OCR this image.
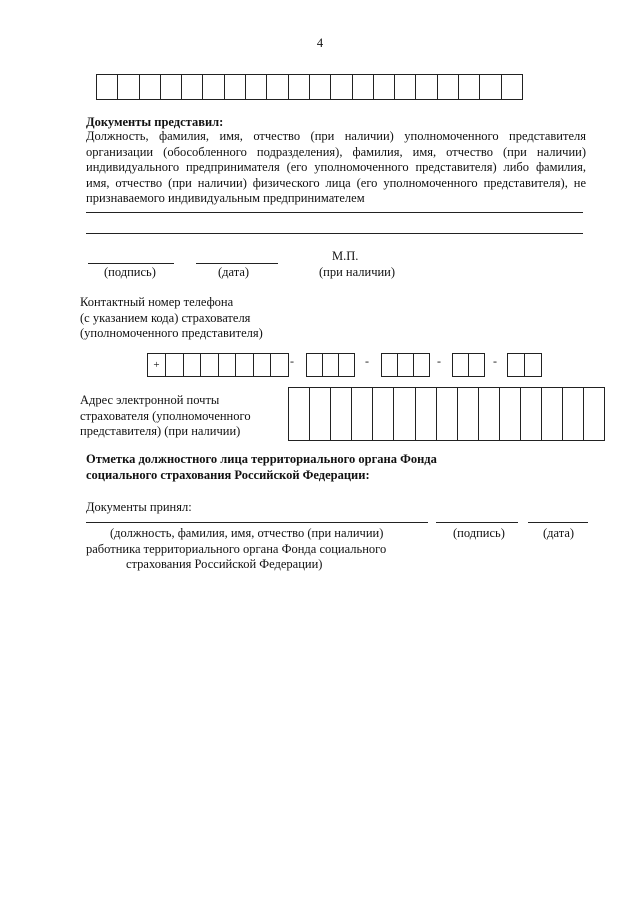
4
Документы представил:
Должность, фамилия, имя, отчество (при наличии) уполномоченного представителя
организации (обособленного подразделения), фамилия, имя, отчество (при наличии)
индивидуального предпринимателя (его уполномоченного представителя) либо фамилия,
имя, отчество (при наличии) физического лица (его уполномоченного представителя), не
признаваемого индивидуальным предпринимателем
(подпись)	(дата)
М.П.
(при наличии)
Контактный номер телефона
(с указанием кода) страхователя
(уполномоченного представителя)
+	-	-	-	-
Адрес электронной почты
страхователя (уполномоченного
представителя) (при наличии)
Отметка должностного лица территориального органа Фонда
социального страхования Российской Федерации:
Документы принял:
(должность, фамилия, имя, отчество (при наличии)
работника территориального органа Фонда социального
страхования Российской Федерации)
(подпись)	(дата)
